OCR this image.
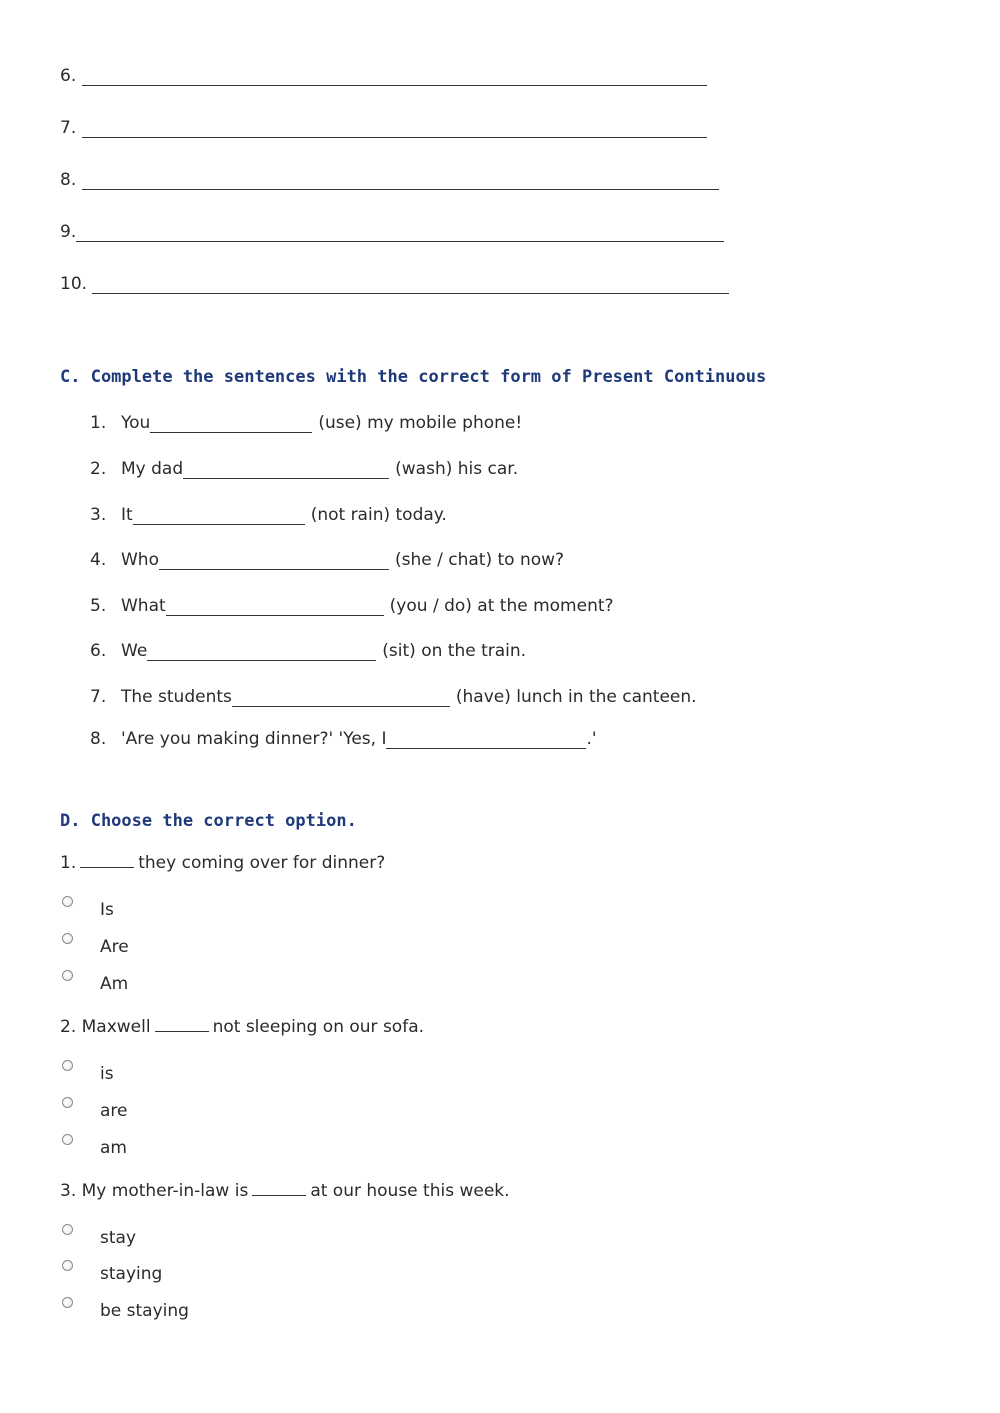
6.
7.
8.
9.
10.
C. Complete the sentences with the correct form of Present Continuous
1. You	(use) my mobile phone!
2. My dad	(wash) his car.
3. It	(not rain) today.
4. Who	(she / chat) to now?
5. What	(you / do) at the moment?
6. We	(sit) on the train.
7. The students	(have) lunch in the canteen.
8. 'Are you making dinner?' 'Yes, I	.'
D. Choose the correct option.
1.	they coming over for dinner?
Is
Are
Am
2. Maxwell	not sleeping on our sofa.
is
are
am
3. My mother-in-law is	at our house this week.
stay
staying
be staying
